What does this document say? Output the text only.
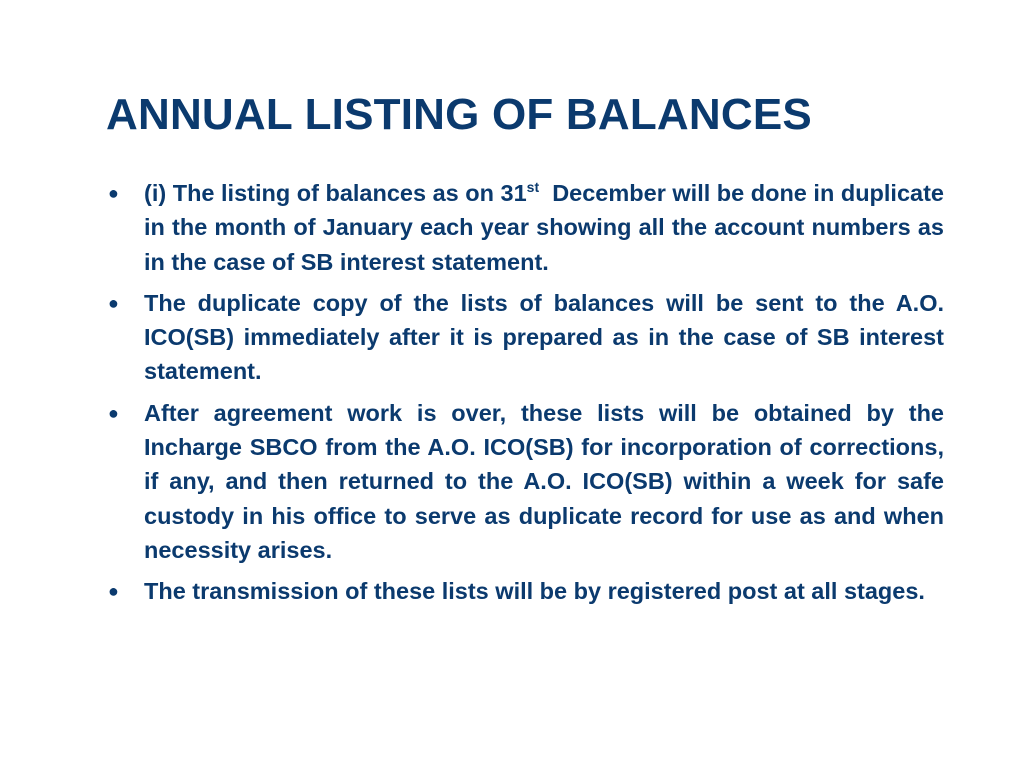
ANNUAL LISTING OF BALANCES
● (i) The listing of balances as on 31st  December will be done in duplicate in the month of January each year showing all the account numbers as in the case of SB interest statement.
● The duplicate copy of the lists of balances will be sent to the A.O. ICO(SB) immediately after it is prepared as in the case of SB interest statement.
● After agreement work is over, these lists will be obtained by the Incharge SBCO from the A.O. ICO(SB) for incorporation of corrections, if any, and then returned to the A.O. ICO(SB) within a week for safe custody in his office to serve as duplicate record for use as and when necessity arises.
● The transmission of these lists will be by registered post at all stages.
